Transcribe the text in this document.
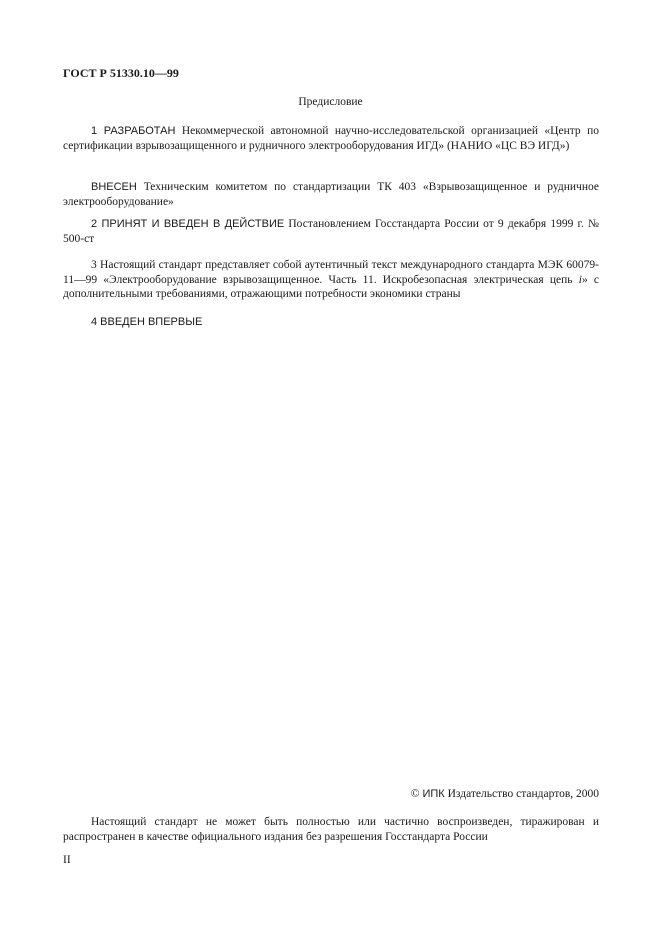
ГОСТ Р 51330.10—99
Предисловие
1 РАЗРАБОТАН Некоммерческой автономной научно-исследовательской организацией «Центр по сертификации взрывозащищенного и рудничного электрооборудования ИГД» (НАНИО «ЦС ВЭ ИГД»)
ВНЕСЕН Техническим комитетом по стандартизации ТК 403 «Взрывозащищенное и рудничное электрооборудование»
2 ПРИНЯТ И ВВЕДЕН В ДЕЙСТВИЕ Постановлением Госстандарта России от 9 декабря 1999 г. № 500-ст
3 Настоящий стандарт представляет собой аутентичный текст международного стандарта МЭК 60079-11—99 «Электрооборудование взрывозащищенное. Часть 11. Искробезопасная электрическая цепь i» с дополнительными требованиями, отражающими потребности экономики страны
4 ВВЕДЕН ВПЕРВЫЕ
© ИПК Издательство стандартов, 2000
Настоящий стандарт не может быть полностью или частично воспроизведен, тиражирован и распространен в качестве официального издания без разрешения Госстандарта России
II
